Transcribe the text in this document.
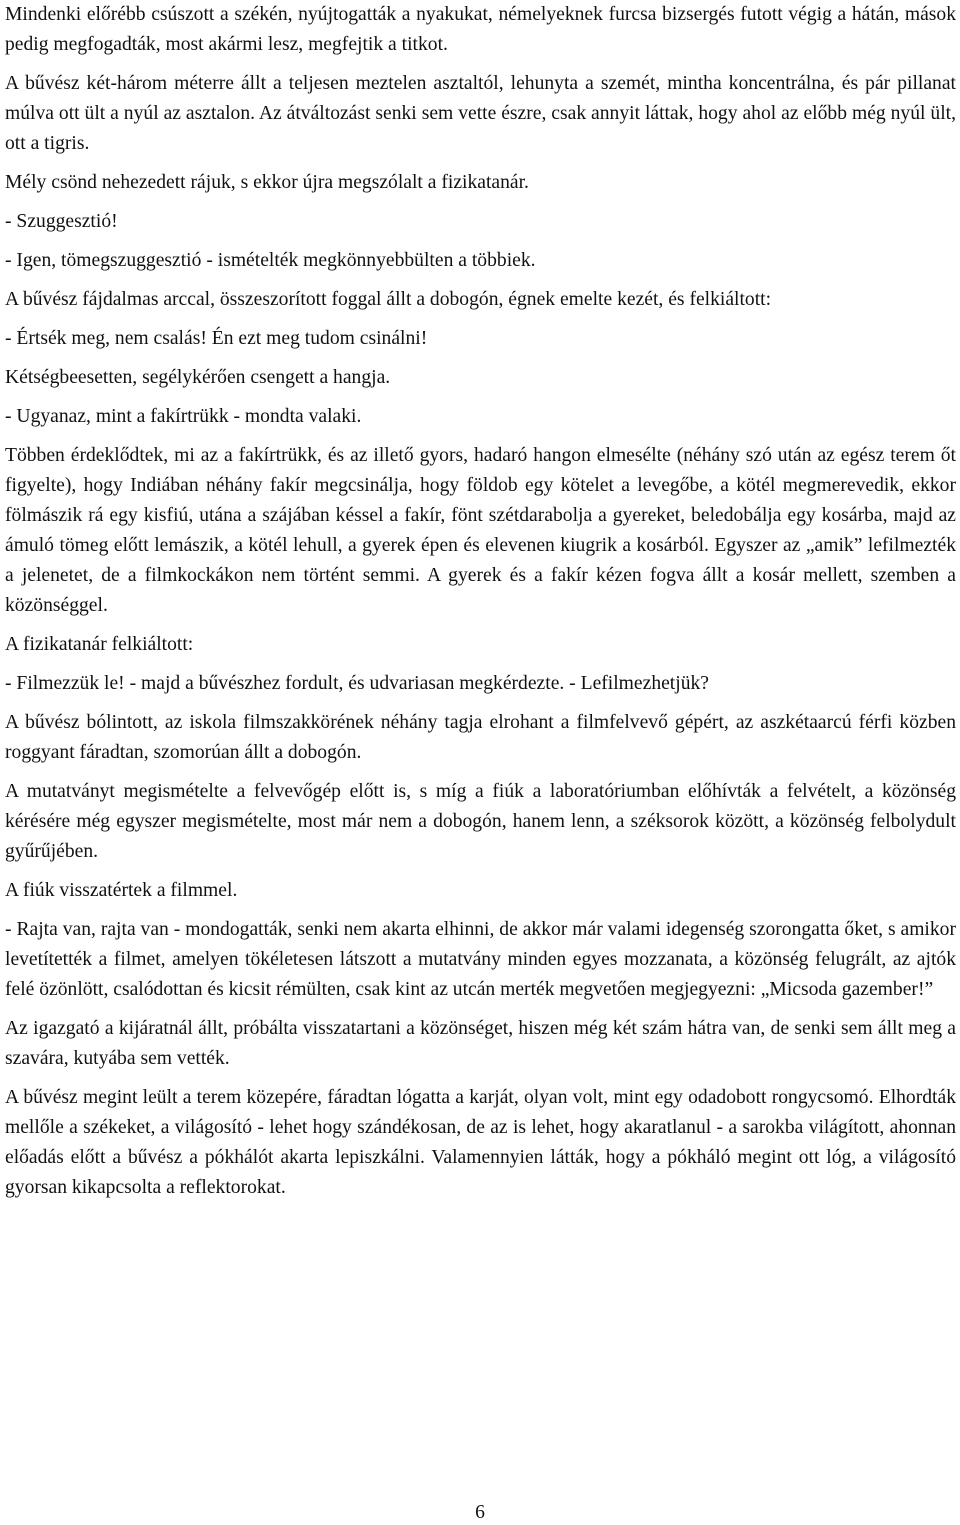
Mindenki előrébb csúszott a székén, nyújtogatták a nyakukat, némelyeknek furcsa bizsergés futott végig a hátán, mások pedig megfogadták, most akármi lesz, megfejtik a titkot.

A bűvész két-három méterre állt a teljesen meztelen asztaltól, lehunyta a szemét, mintha koncentrálna, és pár pillanat múlva ott ült a nyúl az asztalon. Az átváltozást senki sem vette észre, csak annyit láttak, hogy ahol az előbb még nyúl ült, ott a tigris.

Mély csönd nehezedett rájuk, s ekkor újra megszólalt a fizikatanár.

- Szuggesztió!

- Igen, tömegszuggesztió - ismételték megkönnyebbülten a többiek.

A bűvész fájdalmas arccal, összeszorított foggal állt a dobogón, égnek emelte kezét, és felkiáltott:

- Értsék meg, nem csalás! Én ezt meg tudom csinálni!

Kétségbeesetten, segélykérően csengett a hangja.

- Ugyanaz, mint a fakírtrükk - mondta valaki.

Többen érdeklődtek, mi az a fakírtrükk, és az illető gyors, hadaró hangon elmesélte (néhány szó után az egész terem őt figyelte), hogy Indiában néhány fakír megcsinálja, hogy földob egy kötelet a levegőbe, a kötél megmerevedik, ekkor fölmászik rá egy kisfiú, utána a szájában késsel a fakír, fönt szétdarabolja a gyereket, beledobálja egy kosárba, majd az ámuló tömeg előtt lemászik, a kötél lehull, a gyerek épen és elevenen kiugrik a kosárból. Egyszer az „amik” lefilmezték a jelenetet, de a filmkockákon nem történt semmi. A gyerek és a fakír kézen fogva állt a kosár mellett, szemben a közönséggel.

A fizikatanár felkiáltott:

- Filmezzük le! - majd a bűvészhez fordult, és udvariasan megkérdezte. - Lefilmezhetjük?

A bűvész bólintott, az iskola filmszakkörének néhány tagja elrohant a filmfelvevő gépért, az aszkétaarcú férfi közben roggyant fáradtan, szomorúan állt a dobogón.

A mutatványt megismételte a felvevőgép előtt is, s míg a fiúk a laboratóriumban előhívták a felvételt, a közönség kérésére még egyszer megismételte, most már nem a dobogón, hanem lenn, a széksorok között, a közönség felbolydult gyűrűjében.

A fiúk visszatértek a filmmel.

- Rajta van, rajta van - mondogatták, senki nem akarta elhinni, de akkor már valami idegenség szorongatta őket, s amikor levetítették a filmet, amelyen tökéletesen látszott a mutatvány minden egyes mozzanata, a közönség felugrált, az ajtók felé özönlött, csalódottan és kicsit rémülten, csak kint az utcán merték megvetően megjegyezni: „Micsoda gazember!”

Az igazgató a kijáratnál állt, próbálta visszatartani a közönséget, hiszen még két szám hátra van, de senki sem állt meg a szavára, kutyába sem vették.

A bűvész megint leült a terem közepére, fáradtan lógatta a karját, olyan volt, mint egy odadobott rongycsomó. Elhordták mellőle a székeket, a világosító - lehet hogy szándékosan, de az is lehet, hogy akaratlanul - a sarokba világított, ahonnan előadás előtt a bűvész a pókhálót akarta lepiszkálni. Valamennyien látták, hogy a pókháló megint ott lóg, a világosító gyorsan kikapcsolta a reflektorokat.

6
